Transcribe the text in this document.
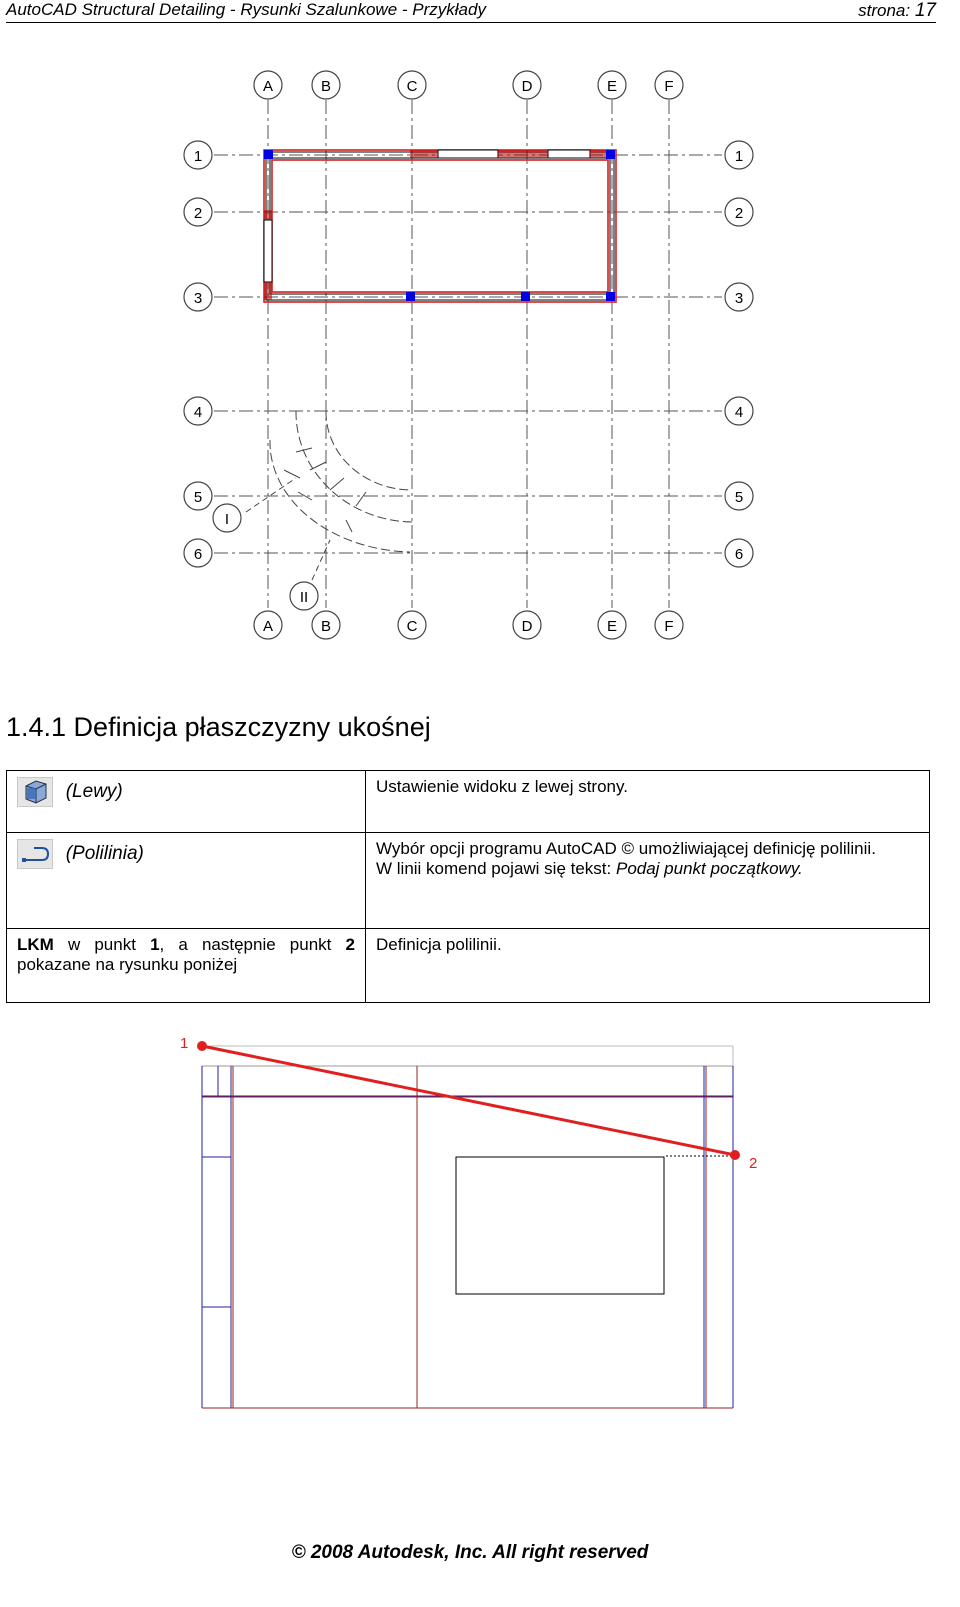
AutoCAD Structural Detailing - Rysunki Szalunkowe - Przykłady	strona: 17
A	B	C	D	E	F
A	B	C	D	E	F
1
2
3
4
5
6
1
2
3
4
5
6
I
II
1.4.1 Definicja płaszczyzny ukośnej
(Lewy)	Ustawienie widoku z lewej strony.

(Polilinia)	Wybór opcji programu AutoCAD © umożliwiającej definicję polilinii.
W linii komend pojawi się tekst: Podaj punkt początkowy.

LKM w punkt 1, a następnie punkt 2 pokazane na rysunku poniżej	Definicja polilinii.
1
2
© 2008 Autodesk, Inc. All right reserved
